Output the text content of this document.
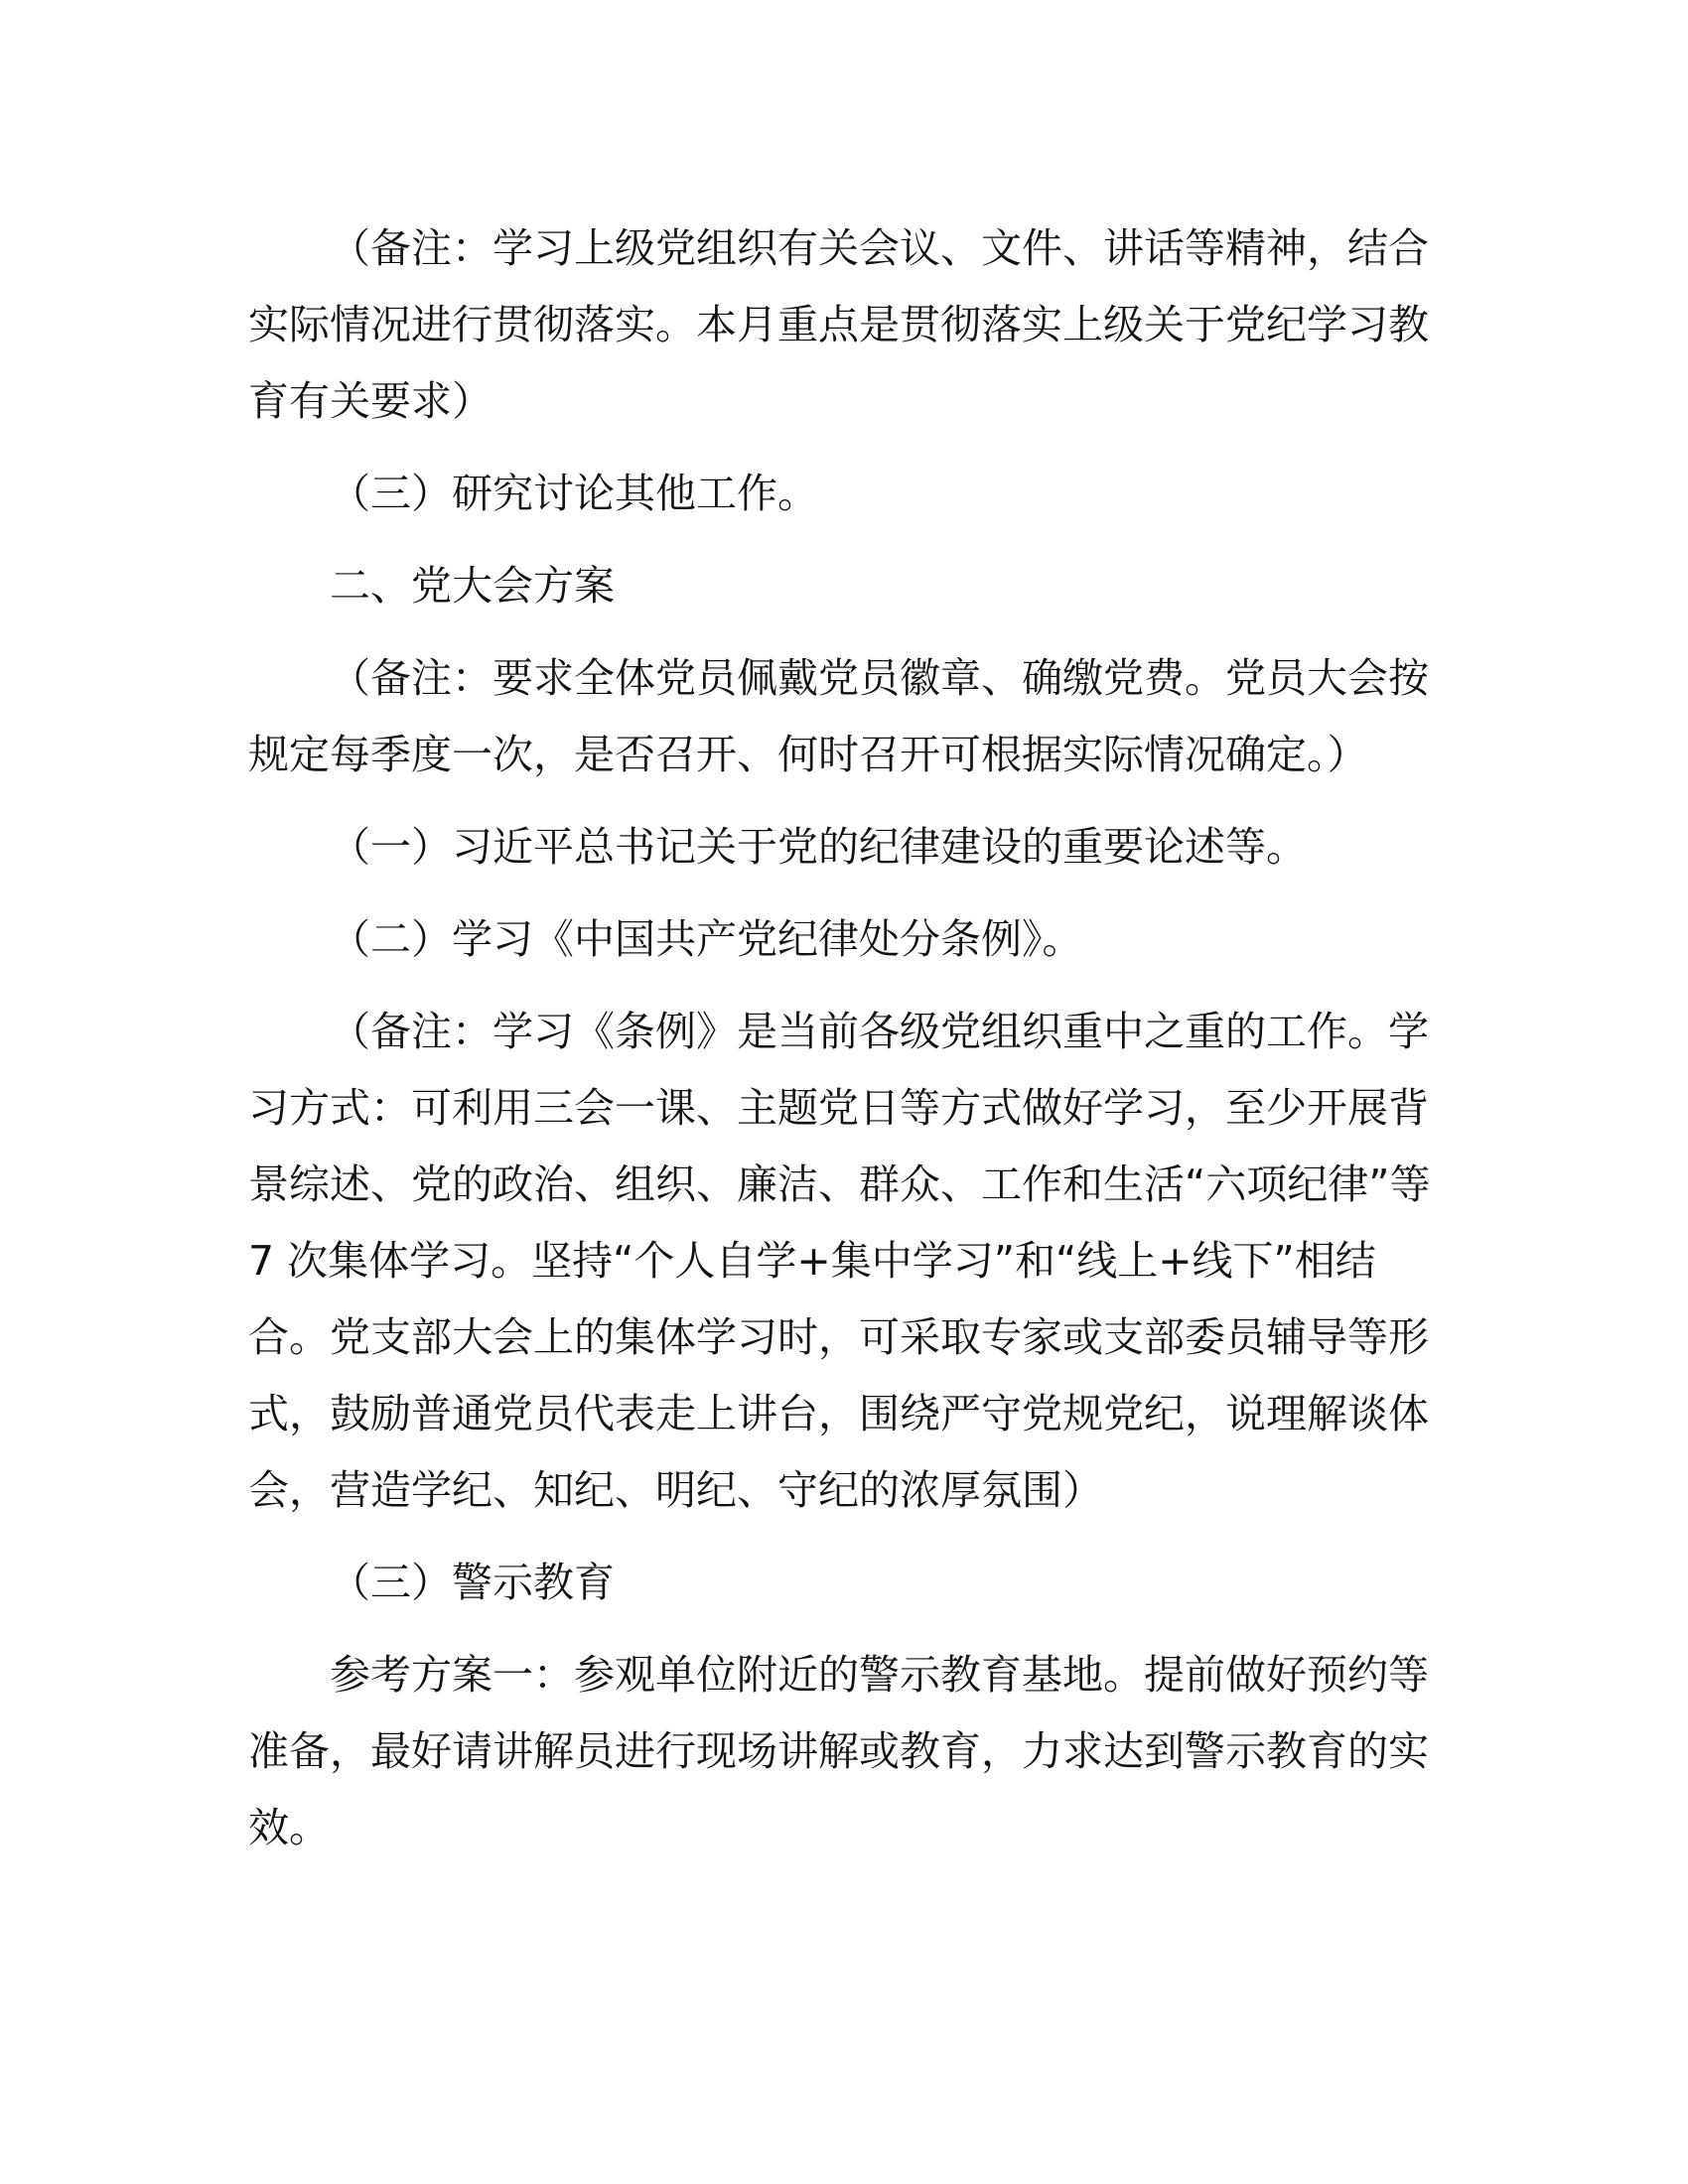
（备注：学习上级党组织有关会议、文件、讲话等精神，结合实际情况进行贯彻落实。本月重点是贯彻落实上级关于党纪学习教育有关要求）

（三）研究讨论其他工作。

二、党大会方案

（备注：要求全体党员佩戴党员徽章、确缴党费。党员大会按规定每季度一次，是否召开、何时召开可根据实际情况确定。）

（一）习近平总书记关于党的纪律建设的重要论述等。

（二）学习《中国共产党纪律处分条例》。

（备注：学习《条例》是当前各级党组织重中之重的工作。学习方式：可利用三会一课、主题党日等方式做好学习，至少开展背景综述、党的政治、组织、廉洁、群众、工作和生活“六项纪律”等 7 次集体学习。坚持“个人自学+集中学习”和“线上+线下”相结合。党支部大会上的集体学习时，可采取专家或支部委员辅导等形式，鼓励普通党员代表走上讲台，围绕严守党规党纪，说理解谈体会，营造学纪、知纪、明纪、守纪的浓厚氛围）

（三）警示教育

参考方案一：参观单位附近的警示教育基地。提前做好预约等准备，最好请讲解员进行现场讲解或教育，力求达到警示教育的实效。
